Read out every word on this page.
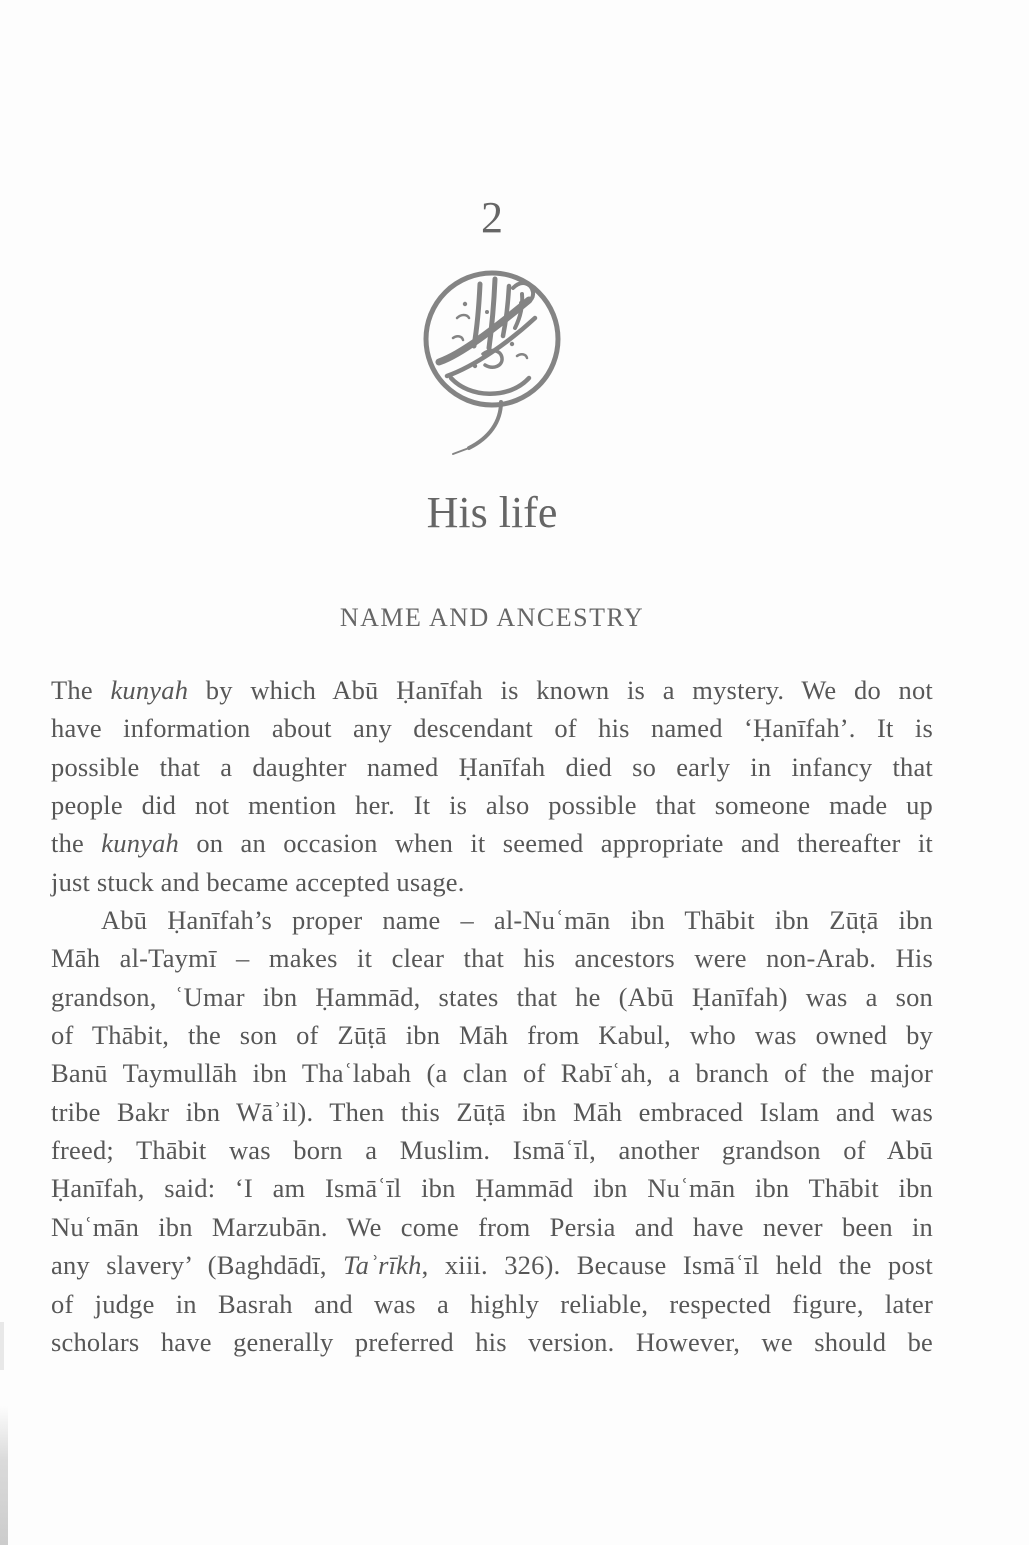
2
His life
NAME AND ANCESTRY
The kunyah by which Abū Ḥanīfah is known is a mystery. We do not
have information about any descendant of his named ‘Ḥanīfah’. It is
possible that a daughter named Ḥanīfah died so early in infancy that
people did not mention her. It is also possible that someone made up
the kunyah on an occasion when it seemed appropriate and thereafter it
just stuck and became accepted usage.
Abū Ḥanīfah’s proper name – al-Nuʿmān ibn Thābit ibn Zūṭā ibn
Māh al-Taymī – makes it clear that his ancestors were non-Arab. His
grandson, ʿUmar ibn Ḥammād, states that he (Abū Ḥanīfah) was a son
of Thābit, the son of Zūṭā ibn Māh from Kabul, who was owned by
Banū Taymullāh ibn Thaʿlabah (a clan of Rabīʿah, a branch of the major
tribe Bakr ibn Wāʾil). Then this Zūṭā ibn Māh embraced Islam and was
freed; Thābit was born a Muslim. Ismāʿīl, another grandson of Abū
Ḥanīfah, said: ‘I am Ismāʿīl ibn Ḥammād ibn Nuʿmān ibn Thābit ibn
Nuʿmān ibn Marzubān. We come from Persia and have never been in
any slavery’ (Baghdādī, Taʾrīkh, xiii. 326). Because Ismāʿīl held the post
of judge in Basrah and was a highly reliable, respected figure, later
scholars have generally preferred his version. However, we should be
